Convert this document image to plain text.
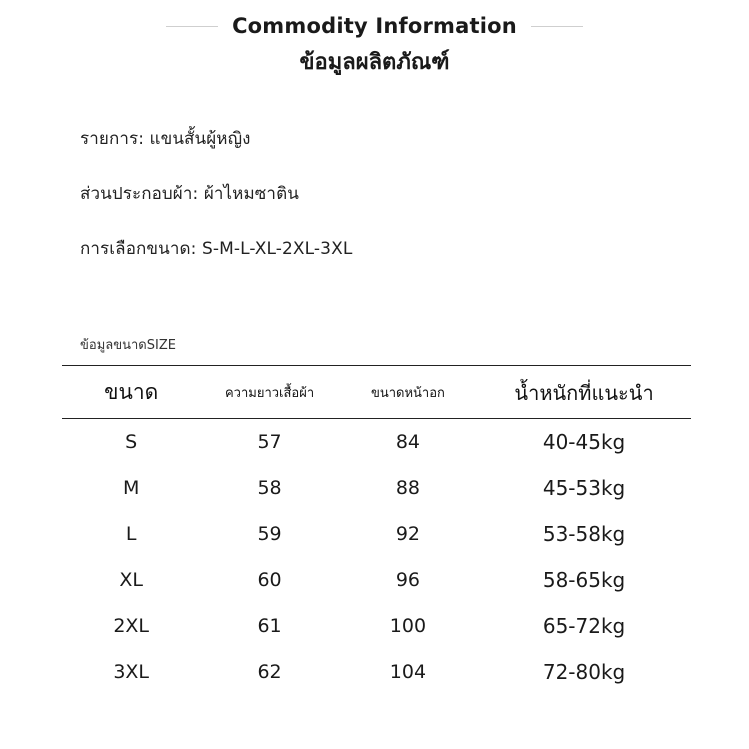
Commodity Information
ข้อมูลผลิตภัณฑ์
รายการ: แขนสั้นผู้หญิง
ส่วนประกอบผ้า: ผ้าไหมซาติน
การเลือกขนาด: S-M-L-XL-2XL-3XL
ข้อมูลขนาดSIZE
ขนาด	ความยาวเสื้อผ้า	ขนาดหน้าอก	น้ำหนักที่แนะนำ
S	57	84	40-45kg
M	58	88	45-53kg
L	59	92	53-58kg
XL	60	96	58-65kg
2XL	61	100	65-72kg
3XL	62	104	72-80kg
